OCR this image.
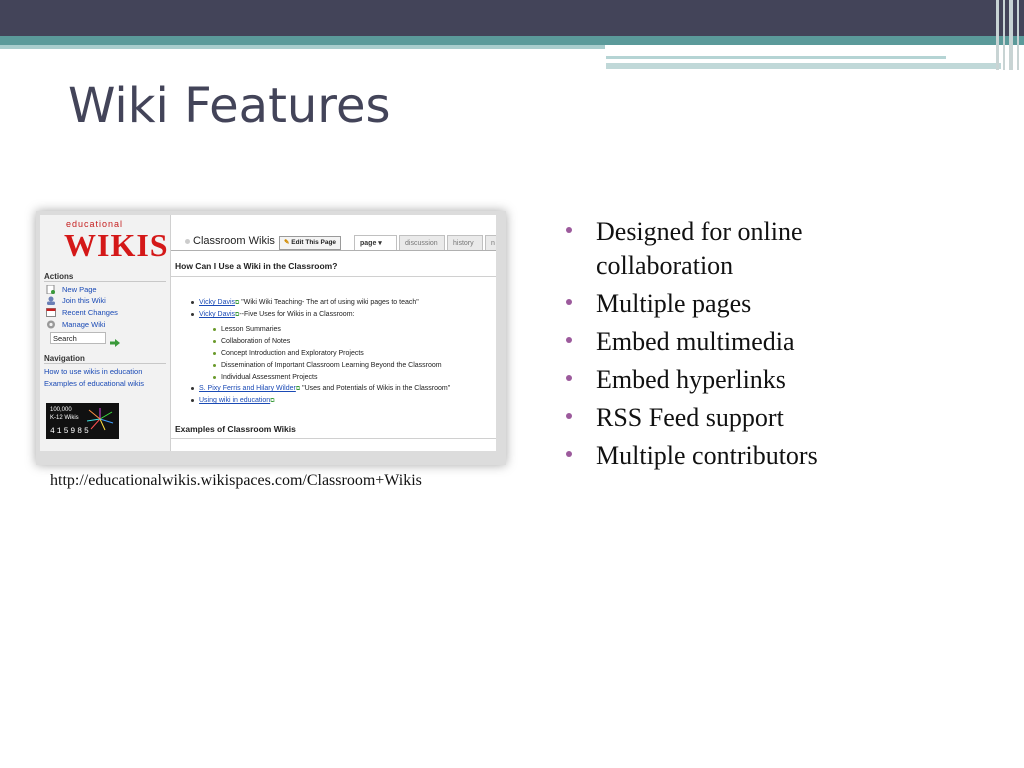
Wiki Features
educational
WIKIS
Actions
New Page
Join this Wiki
Recent Changes
Manage Wiki
Search
Navigation
How to use wikis in education
Examples of educational wikis
100,000
K-12 Wikis
415985
Classroom Wikis	✎ Edit This Page	page ▾	discussion	history	n
How Can I Use a Wiki in the Classroom?
Vicky Davis⧉ "Wiki Wiki Teaching- The art of using wiki pages to teach"
Vicky Davis⧉--Five Uses for Wikis in a Classroom:
Lesson Summaries
Collaboration of Notes
Concept Introduction and Exploratory Projects
Dissemination of Important Classroom Learning Beyond the Classroom
Individual Assessment Projects
S. Pixy Ferris and Hilary Wilder⧉ "Uses and Potentials of Wikis in the Classroom"
Using wiki in education⧉
Examples of Classroom Wikis

http://educationalwikis.wikispaces.com/Classroom+Wikis

Designed for online collaboration
Multiple pages
Embed multimedia
Embed hyperlinks
RSS Feed support
Multiple contributors
